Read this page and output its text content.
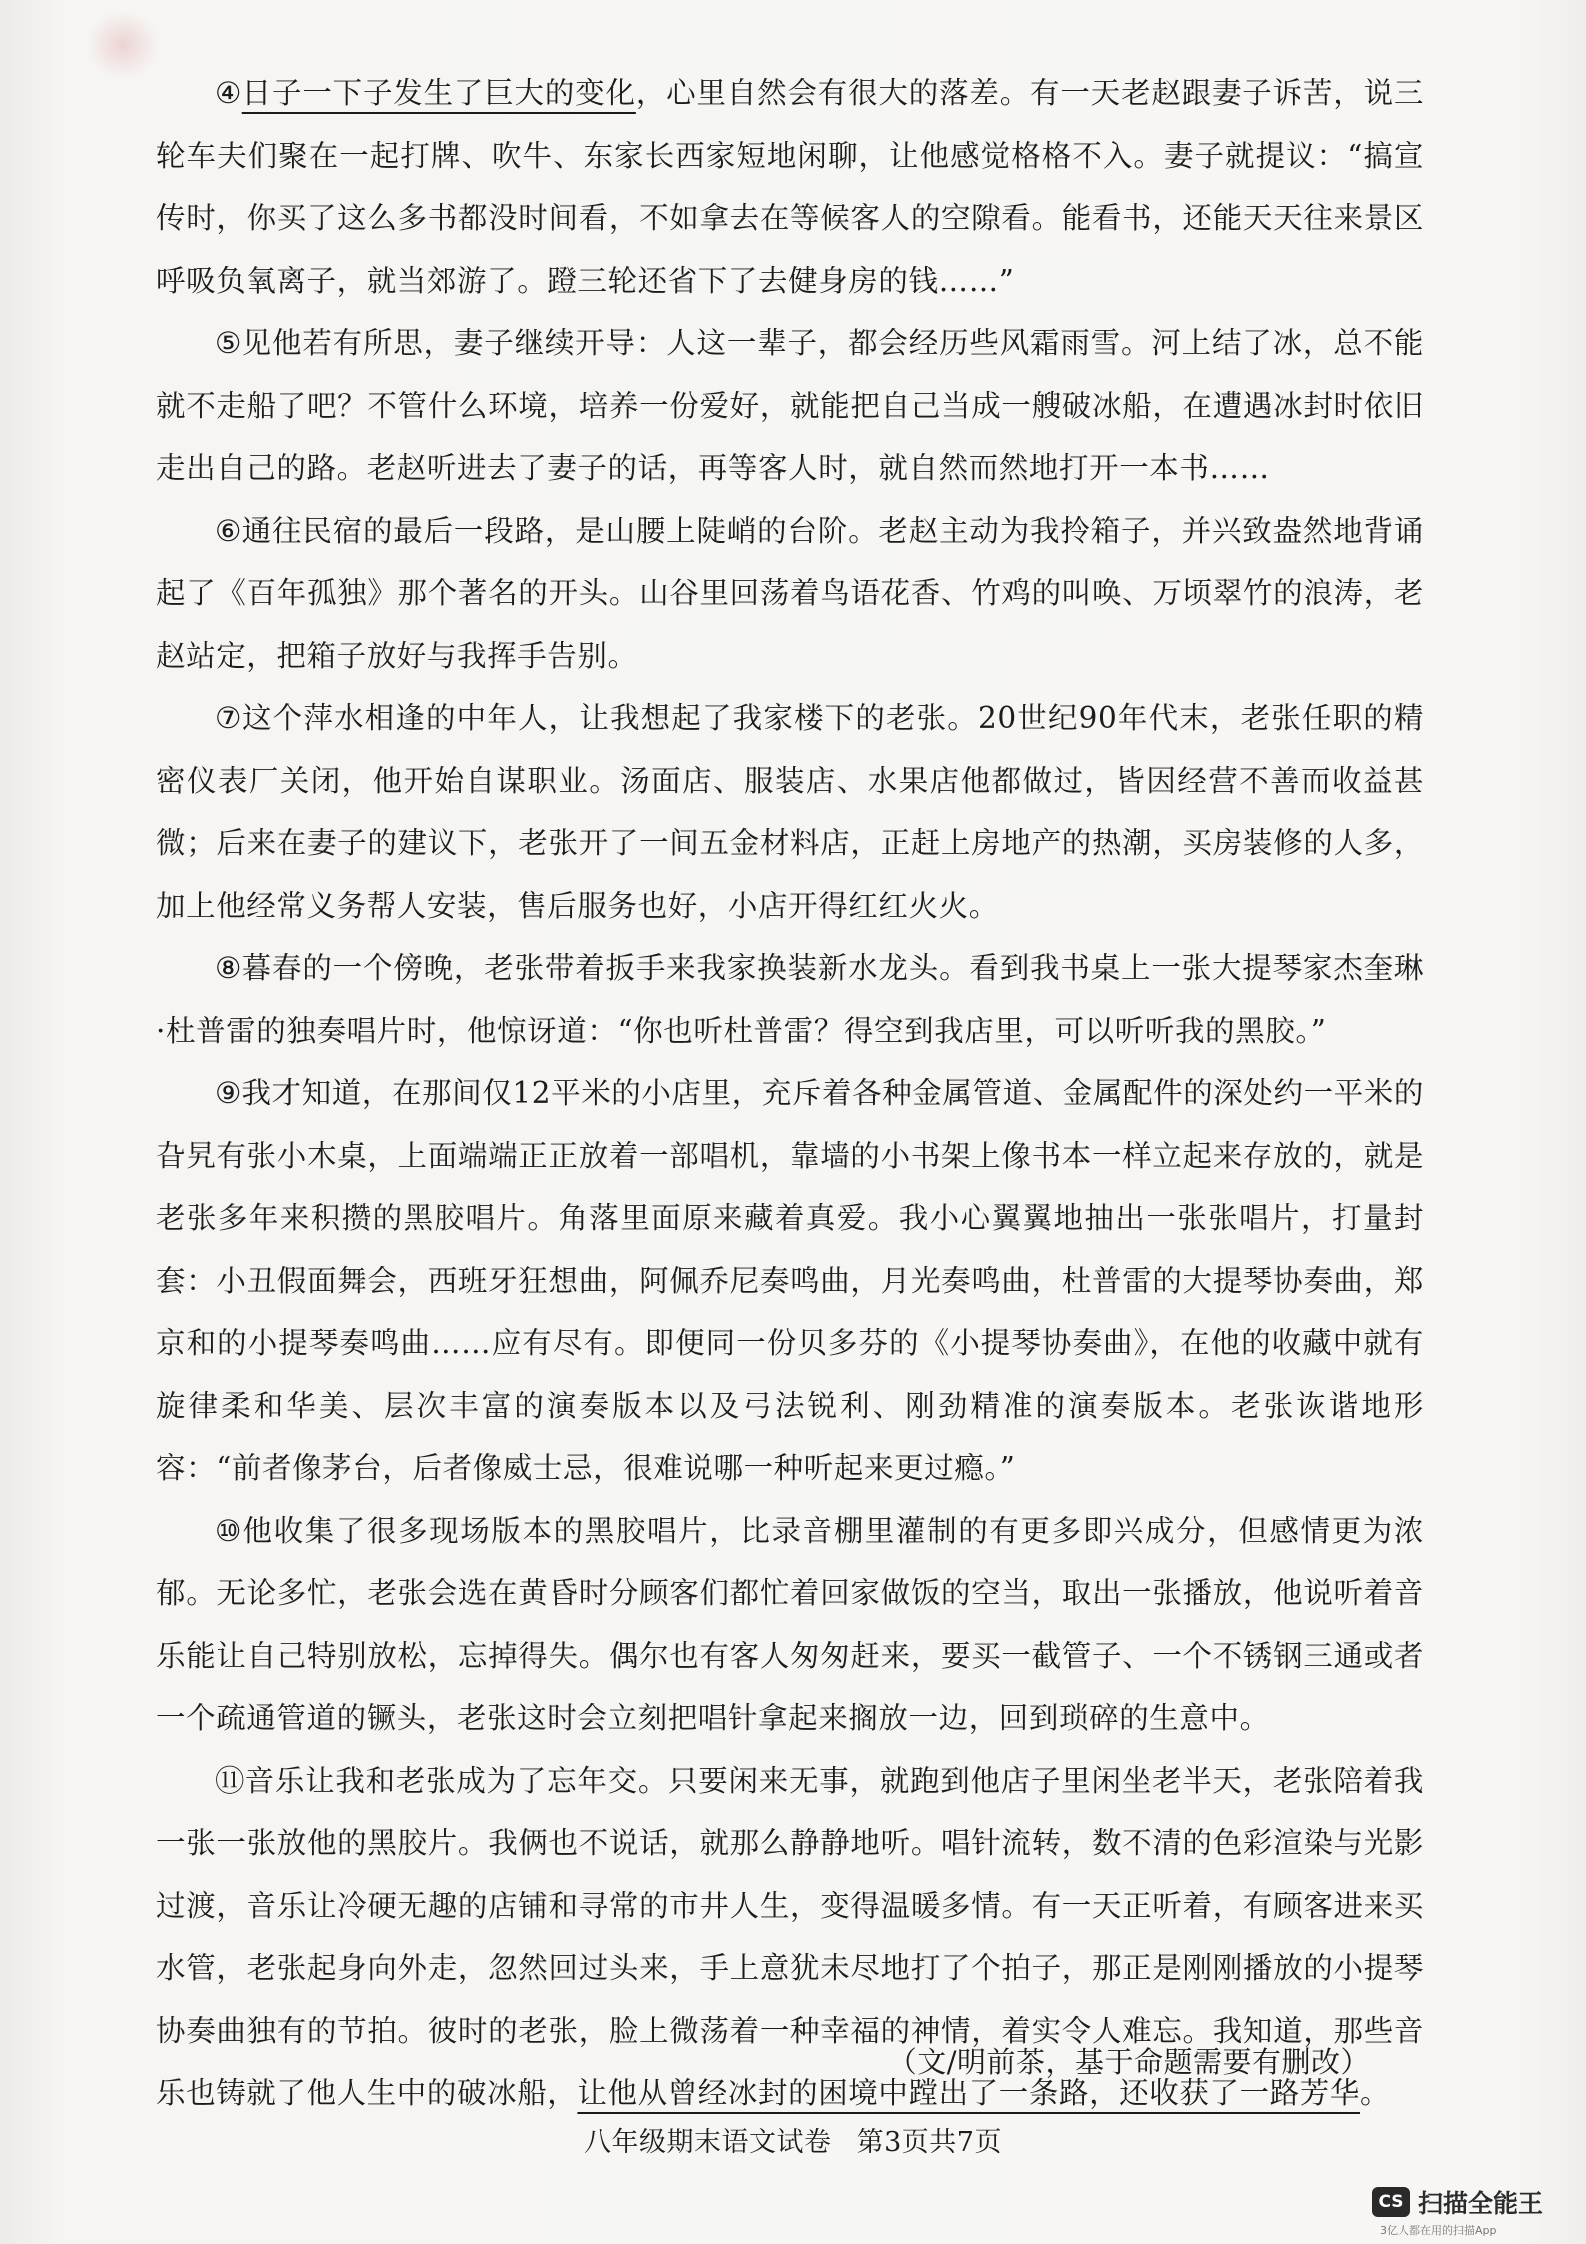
④日子一下子发生了巨大的变化，心里自然会有很大的落差。有一天老赵跟妻子诉苦，说三轮车夫们聚在一起打牌、吹牛、东家长西家短地闲聊，让他感觉格格不入。妻子就提议：“搞宣传时，你买了这么多书都没时间看，不如拿去在等候客人的空隙看。能看书，还能天天往来景区呼吸负氧离子，就当郊游了。蹬三轮还省下了去健身房的钱……”

⑤见他若有所思，妻子继续开导：人这一辈子，都会经历些风霜雨雪。河上结了冰，总不能就不走船了吧？不管什么环境，培养一份爱好，就能把自己当成一艘破冰船，在遭遇冰封时依旧走出自己的路。老赵听进去了妻子的话，再等客人时，就自然而然地打开一本书……

⑥通往民宿的最后一段路，是山腰上陡峭的台阶。老赵主动为我拎箱子，并兴致盎然地背诵起了《百年孤独》那个著名的开头。山谷里回荡着鸟语花香、竹鸡的叫唤、万顷翠竹的浪涛，老赵站定，把箱子放好与我挥手告别。

⑦这个萍水相逢的中年人，让我想起了我家楼下的老张。20世纪90年代末，老张任职的精密仪表厂关闭，他开始自谋职业。汤面店、服装店、水果店他都做过，皆因经营不善而收益甚微；后来在妻子的建议下，老张开了一间五金材料店，正赶上房地产的热潮，买房装修的人多，加上他经常义务帮人安装，售后服务也好，小店开得红红火火。

⑧暮春的一个傍晚，老张带着扳手来我家换装新水龙头。看到我书桌上一张大提琴家杰奎琳·杜普雷的独奏唱片时，他惊讶道：“你也听杜普雷？得空到我店里，可以听听我的黑胶。”

⑨我才知道，在那间仅12平米的小店里，充斥着各种金属管道、金属配件的深处约一平米的旮旯有张小木桌，上面端端正正放着一部唱机，靠墙的小书架上像书本一样立起来存放的，就是老张多年来积攒的黑胶唱片。角落里面原来藏着真爱。我小心翼翼地抽出一张张唱片，打量封套：小丑假面舞会，西班牙狂想曲，阿佩乔尼奏鸣曲，月光奏鸣曲，杜普雷的大提琴协奏曲，郑京和的小提琴奏鸣曲……应有尽有。即便同一份贝多芬的《小提琴协奏曲》，在他的收藏中就有旋律柔和华美、层次丰富的演奏版本以及弓法锐利、刚劲精准的演奏版本。老张诙谐地形容：“前者像茅台，后者像威士忌，很难说哪一种听起来更过瘾。”

⑩他收集了很多现场版本的黑胶唱片，比录音棚里灌制的有更多即兴成分，但感情更为浓郁。无论多忙，老张会选在黄昏时分顾客们都忙着回家做饭的空当，取出一张播放，他说听着音乐能让自己特别放松，忘掉得失。偶尔也有客人匆匆赶来，要买一截管子、一个不锈钢三通或者一个疏通管道的镢头，老张这时会立刻把唱针拿起来搁放一边，回到琐碎的生意中。

⑪音乐让我和老张成为了忘年交。只要闲来无事，就跑到他店子里闲坐老半天，老张陪着我一张一张放他的黑胶片。我俩也不说话，就那么静静地听。唱针流转，数不清的色彩渲染与光影过渡，音乐让冷硬无趣的店铺和寻常的市井人生，变得温暖多情。有一天正听着，有顾客进来买水管，老张起身向外走，忽然回过头来，手上意犹未尽地打了个拍子，那正是刚刚播放的小提琴协奏曲独有的节拍。彼时的老张，脸上微荡着一种幸福的神情，着实令人难忘。我知道，那些音乐也铸就了他人生中的破冰船，让他从曾经冰封的困境中蹚出了一条路，还收获了一路芳华。

（文/明前茶，基于命题需要有删改）
八年级期末语文试卷 第3页共7页
CS 扫描全能王
3亿人都在用的扫描App
